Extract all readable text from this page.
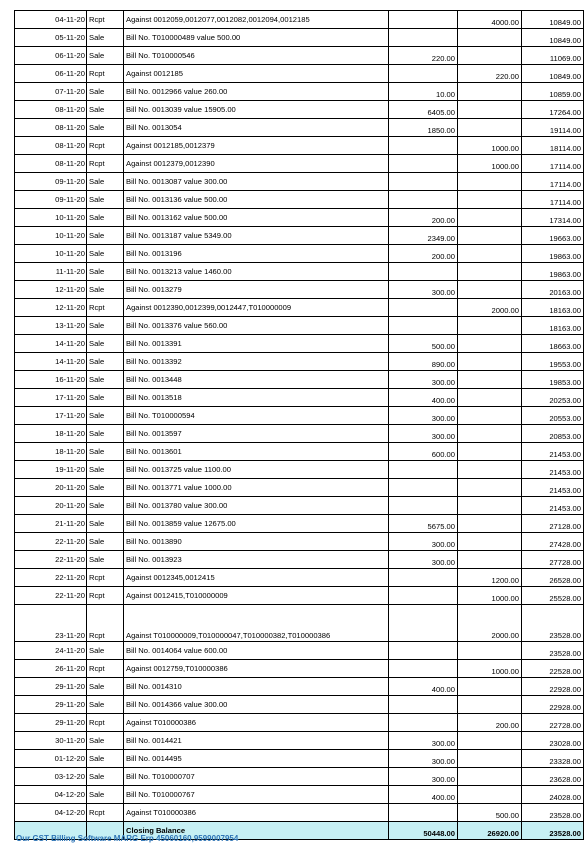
04-11-20	Rcpt	Against 0012059,0012077,0012082,0012094,0012185		4000.00	10849.00
05-11-20	Sale	Bill No. T010000489 value 500.00			10849.00
06-11-20	Sale	Bill No. T010000546	220.00		11069.00
06-11-20	Rcpt	Against 0012185		220.00	10849.00
07-11-20	Sale	Bill No. 0012966 value 260.00	10.00		10859.00
08-11-20	Sale	Bill No. 0013039 value 15905.00	6405.00		17264.00
08-11-20	Sale	Bill No. 0013054	1850.00		19114.00
08-11-20	Rcpt	Against 0012185,0012379		1000.00	18114.00
08-11-20	Rcpt	Against 0012379,0012390		1000.00	17114.00
09-11-20	Sale	Bill No. 0013087 value 300.00			17114.00
09-11-20	Sale	Bill No. 0013136 value 500.00			17114.00
10-11-20	Sale	Bill No. 0013162 value 500.00	200.00		17314.00
10-11-20	Sale	Bill No. 0013187 value 5349.00	2349.00		19663.00
10-11-20	Sale	Bill No. 0013196	200.00		19863.00
11-11-20	Sale	Bill No. 0013213 value 1460.00			19863.00
12-11-20	Sale	Bill No. 0013279	300.00		20163.00
12-11-20	Rcpt	Against 0012390,0012399,0012447,T010000009		2000.00	18163.00
13-11-20	Sale	Bill No. 0013376 value 560.00			18163.00
14-11-20	Sale	Bill No. 0013391	500.00		18663.00
14-11-20	Sale	Bill No. 0013392	890.00		19553.00
16-11-20	Sale	Bill No. 0013448	300.00		19853.00
17-11-20	Sale	Bill No. 0013518	400.00		20253.00
17-11-20	Sale	Bill No. T010000594	300.00		20553.00
18-11-20	Sale	Bill No. 0013597	300.00		20853.00
18-11-20	Sale	Bill No. 0013601	600.00		21453.00
19-11-20	Sale	Bill No. 0013725 value 1100.00			21453.00
20-11-20	Sale	Bill No. 0013771 value 1000.00			21453.00
20-11-20	Sale	Bill No. 0013780 value 300.00			21453.00
21-11-20	Sale	Bill No. 0013859 value 12675.00	5675.00		27128.00
22-11-20	Sale	Bill No. 0013890	300.00		27428.00
22-11-20	Sale	Bill No. 0013923	300.00		27728.00
22-11-20	Rcpt	Against 0012345,0012415		1200.00	26528.00
22-11-20	Rcpt	Against 0012415,T010000009		1000.00	25528.00
23-11-20	Rcpt	Against T010000009,T010000047,T010000382,T010000386		2000.00	23528.00
24-11-20	Sale	Bill No. 0014064 value 600.00			23528.00
26-11-20	Rcpt	Against 0012759,T010000386		1000.00	22528.00
29-11-20	Sale	Bill No. 0014310	400.00		22928.00
29-11-20	Sale	Bill No. 0014366 value 300.00			22928.00
29-11-20	Rcpt	Against T010000386		200.00	22728.00
30-11-20	Sale	Bill No. 0014421	300.00		23028.00
01-12-20	Sale	Bill No. 0014495	300.00		23328.00
03-12-20	Sale	Bill No. T010000707	300.00		23628.00
04-12-20	Sale	Bill No. T010000767	400.00		24028.00
04-12-20	Rcpt	Against T010000386		500.00	23528.00
		Closing Balance	50448.00	26920.00	23528.00
Our GST Billing Software MARG Erp 45060160,9599007954
